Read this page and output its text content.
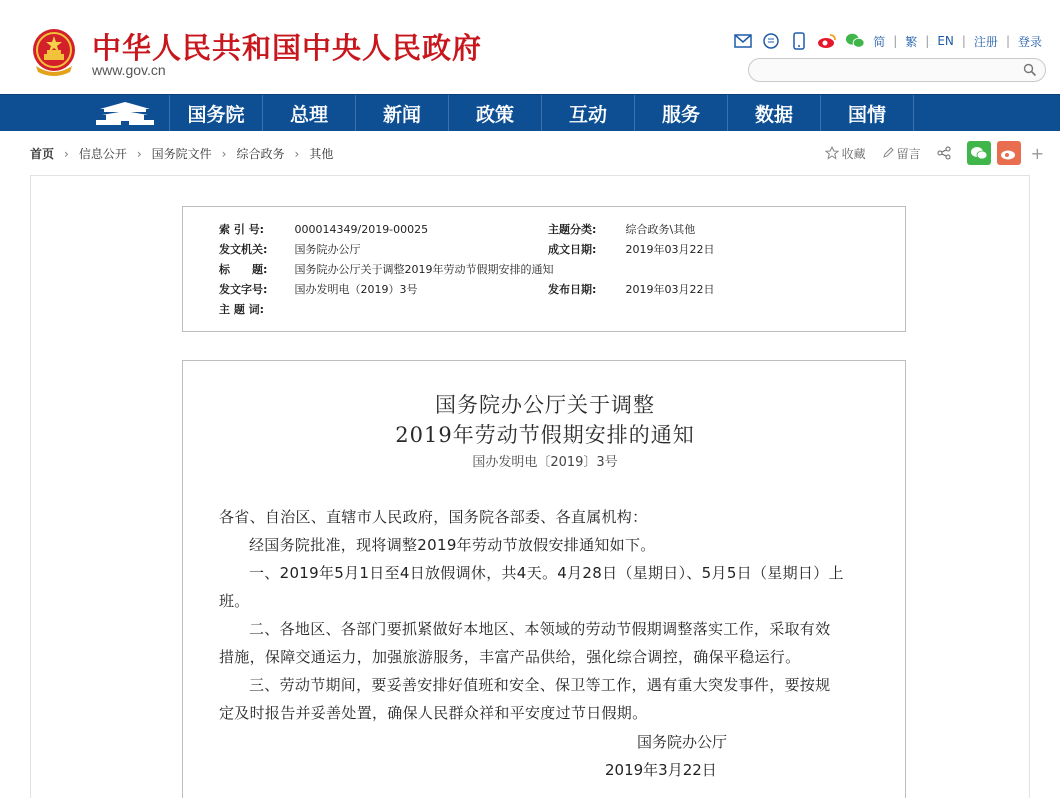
中华人民共和国中央人民政府
www.gov.cn
简 | 繁 | EN | 注册 | 登录
国务院	总理	新闻	政策	互动	服务	数据	国情
首页 › 信息公开 › 国务院文件 › 综合政务 › 其他	收藏	留言	+
索 引 号:	000014349/2019-00025	主题分类:	综合政务\其他
发文机关: 国务院办公厅	成文日期:	2019年03月22日
标　　题: 国务院办公厅关于调整2019年劳动节假期安排的通知
发文字号: 国办发明电（2019）3号	发布日期:	2019年03月22日
主 题 词:
国务院办公厅关于调整
2019年劳动节假期安排的通知
国办发明电〔2019〕3号
各省、自治区、直辖市人民政府，国务院各部委、各直属机构：
经国务院批准，现将调整2019年劳动节放假安排通知如下。
一、2019年5月1日至4日放假调休，共4天。4月28日（星期日）、5月5日（星期日）上
班。
二、各地区、各部门要抓紧做好本地区、本领域的劳动节假期调整落实工作，采取有效
措施，保障交通运力，加强旅游服务，丰富产品供给，强化综合调控，确保平稳运行。
三、劳动节期间，要妥善安排好值班和安全、保卫等工作，遇有重大突发事件，要按规
定及时报告并妥善处置，确保人民群众祥和平安度过节日假期。
国务院办公厅
2019年3月22日
